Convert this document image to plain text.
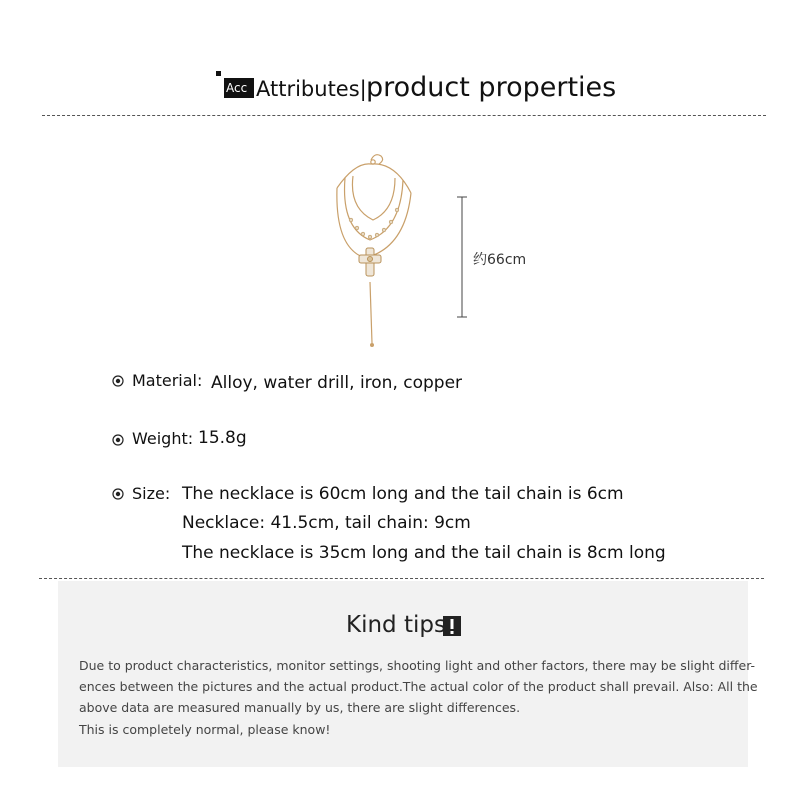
Acc Attributes| product properties
约66cm
Material: Alloy, water drill, iron, copper
Weight: 15.8g
Size: The necklace is 60cm long and the tail chain is 6cm
Necklace: 41.5cm, tail chain: 9cm
The necklace is 35cm long and the tail chain is 8cm long
Kind tips
Due to product characteristics, monitor settings, shooting light and other factors, there may be slight differ-
ences between the pictures and the actual product.The actual color of the product shall prevail. Also: All the
above data are measured manually by us, there are slight differences.
This is completely normal, please know!
